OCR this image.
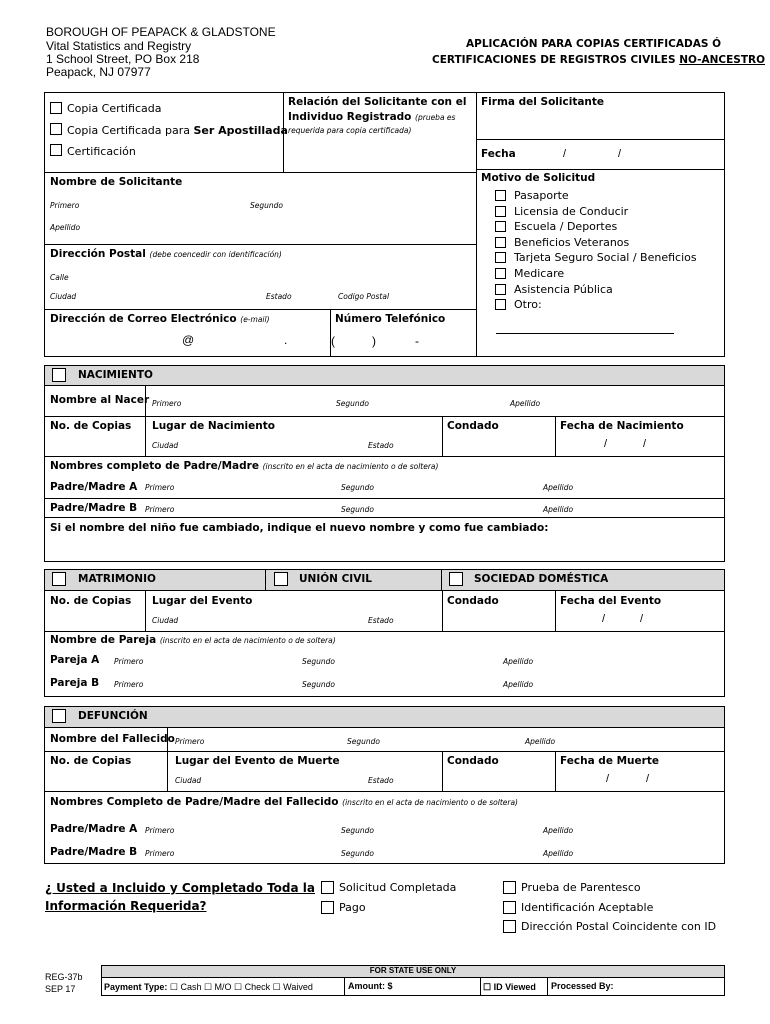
BOROUGH OF PEAPACK & GLADSTONE
Vital Statistics and Registry
1 School Street, PO Box 218
Peapack, NJ 07977
APLICACIÓN PARA COPIAS CERTIFICADAS Ó
CERTIFICACIONES DE REGISTROS CIVILES NO-ANCESTRO
Copia Certificada
Copia Certificada para Ser Apostillada
Certificación
Relación del Solicitante con el
Individuo Registrado (prueba es
requerida para copia certificada)
Firma del Solicitante
Fecha	/	/
Nombre de Solicitante
Primero	Segundo
Apellido
Dirección Postal (debe coencedir con identificación)
Calle
Ciudad	Estado	Codigo Postal
Dirección de Correo Electrónico (e-mail)
@	.
Número Telefónico
(	)	-
Motivo de Solicitud
Pasaporte
Licensia de Conducir
Escuela / Deportes
Beneficios Veteranos
Tarjeta Seguro Social / Beneficios
Medicare
Asistencia Pública
Otro:
NACIMIENTO
Nombre al Nacer Primero	Segundo	Apellido
No. de Copias Lugar de Nacimiento
Ciudad	Estado
Condado	Fecha de Nacimiento
/	/
Nombres completo de Padre/Madre (inscrito en el acta de nacimiento o de soltera)
Padre/Madre A Primero	Segundo	Apellido
Padre/Madre B Primero	Segundo	Apellido
Si el nombre del niño fue cambiado, indique el nuevo nombre y como fue cambiado:
MATRIMONIO	UNIÓN CIVIL	SOCIEDAD DOMÉSTICA
No. de Copias Lugar del Evento
Ciudad	Estado
Condado	Fecha del Evento
/	/
Nombre de Pareja (inscrito en el acta de nacimiento o de soltera)
Pareja A Primero	Segundo	Apellido
Pareja B Primero	Segundo	Apellido
DEFUNCIÓN
Nombre del Fallecido Primero	Segundo	Apellido
No. de Copias	Lugar del Evento de Muerte
Ciudad	Estado
Condado	Fecha de Muerte
/	/
Nombres Completo de Padre/Madre del Fallecido (inscrito en el acta de nacimiento o de soltera)
Padre/Madre A Primero	Segundo	Apellido
Padre/Madre B Primero	Segundo	Apellido
¿ Usted a Incluido y Completado Toda la
Información Requerida?
Solicitud Completada
Pago
Prueba de Parentesco
Identificación Aceptable
Dirección Postal Coincidente con ID
REG-37b
SEP 17
FOR STATE USE ONLY
Payment Type: ☐ Cash ☐ M/O ☐ Check ☐ Waived	Amount: $	☐ ID Viewed Processed By:
